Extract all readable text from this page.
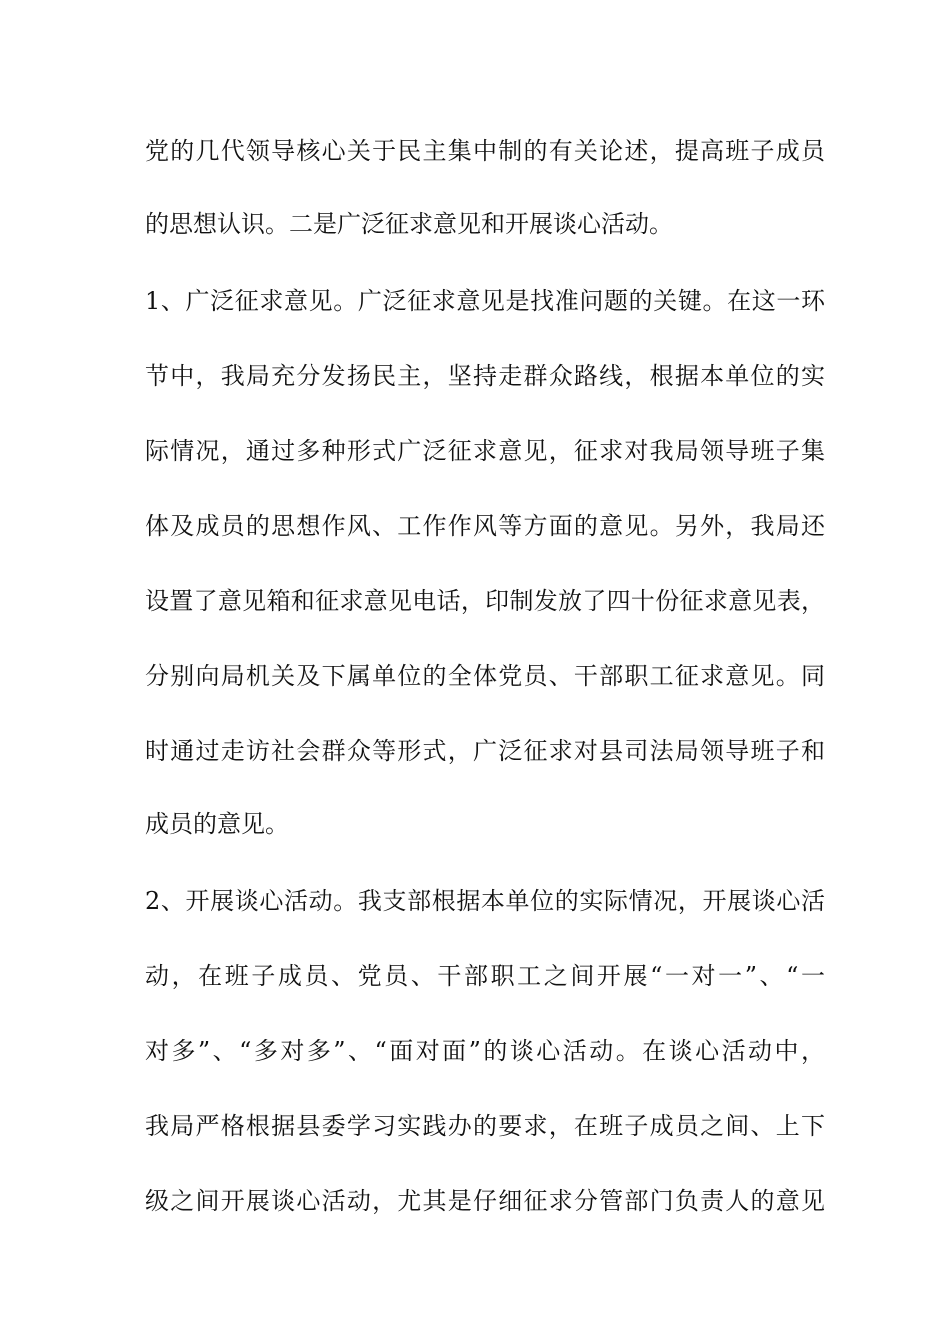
党的几代领导核心关于民主集中制的有关论述，提高班子成员
的思想认识。二是广泛征求意见和开展谈心活动。
1、广泛征求意见。广泛征求意见是找准问题的关键。在这一环
节中，我局充分发扬民主，坚持走群众路线，根据本单位的实
际情况，通过多种形式广泛征求意见，征求对我局领导班子集
体及成员的思想作风、工作作风等方面的意见。另外，我局还
设置了意见箱和征求意见电话，印制发放了四十份征求意见表，
分别向局机关及下属单位的全体党员、干部职工征求意见。同
时通过走访社会群众等形式，广泛征求对县司法局领导班子和
成员的意见。
2、开展谈心活动。我支部根据本单位的实际情况，开展谈心活
动，在班子成员、党员、干部职工之间开展“一对一”、“一
对多”、“多对多”、“面对面”的谈心活动。在谈心活动中，
我局严格根据县委学习实践办的要求，在班子成员之间、上下
级之间开展谈心活动，尤其是仔细征求分管部门负责人的意见
